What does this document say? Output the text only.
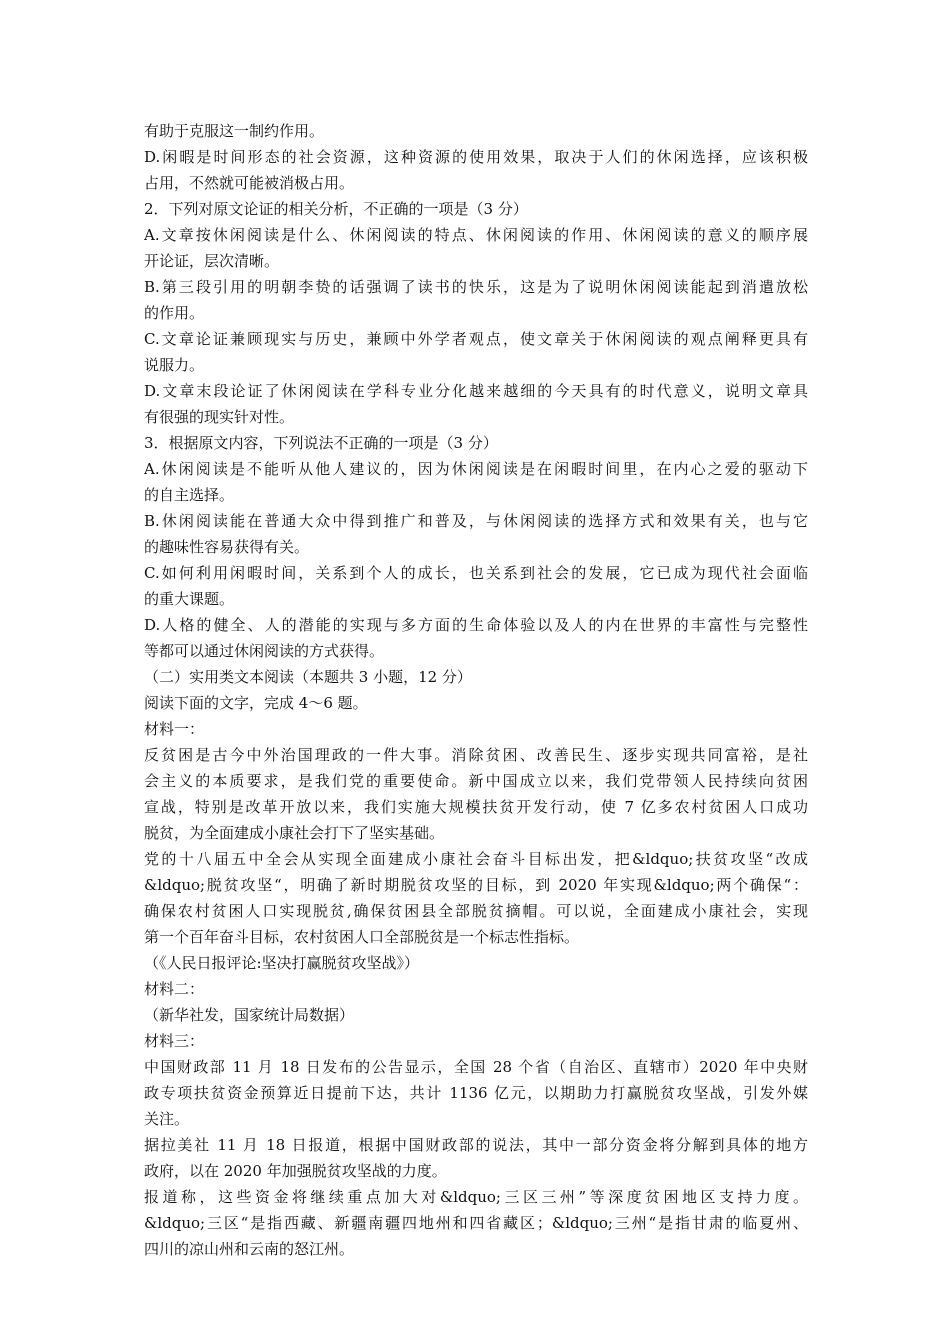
有助于克服这一制约作用。
D.闲暇是时间形态的社会资源，这种资源的使用效果，取决于人们的休闲选择，应该积极
占用，不然就可能被消极占用。
2．下列对原文论证的相关分析，不正确的一项是（3 分）
A.文章按休闲阅读是什么、休闲阅读的特点、休闲阅读的作用、休闲阅读的意义的顺序展
开论证，层次清晰。
B.第三段引用的明朝李贽的话强调了读书的快乐，这是为了说明休闲阅读能起到消遣放松
的作用。
C.文章论证兼顾现实与历史，兼顾中外学者观点，使文章关于休闲阅读的观点阐释更具有
说服力。
D.文章末段论证了休闲阅读在学科专业分化越来越细的今天具有的时代意义，说明文章具
有很强的现实针对性。
3．根据原文内容，下列说法不正确的一项是（3 分）
A.休闲阅读是不能听从他人建议的，因为休闲阅读是在闲暇时间里，在内心之爱的驱动下
的自主选择。
B.休闲阅读能在普通大众中得到推广和普及，与休闲阅读的选择方式和效果有关，也与它
的趣味性容易获得有关。
C.如何利用闲暇时间，关系到个人的成长，也关系到社会的发展，它已成为现代社会面临
的重大课题。
D.人格的健全、人的潜能的实现与多方面的生命体验以及人的内在世界的丰富性与完整性
等都可以通过休闲阅读的方式获得。
（二）实用类文本阅读（本题共 3 小题，12 分）
阅读下面的文字，完成 4～6 题。
材料一：
反贫困是古今中外治国理政的一件大事。消除贫困、改善民生、逐步实现共同富裕，是社
会主义的本质要求，是我们党的重要使命。新中国成立以来，我们党带领人民持续向贫困
宣战，特别是改革开放以来，我们实施大规模扶贫开发行动，使 7 亿多农村贫困人口成功
脱贫，为全面建成小康社会打下了坚实基础。
党的十八届五中全会从实现全面建成小康社会奋斗目标出发，把&ldquo;扶贫攻坚“改成
&ldquo;脱贫攻坚“，明确了新时期脱贫攻坚的目标，到 2020 年实现&ldquo;两个确保“：
确保农村贫困人口实现脱贫,确保贫困县全部脱贫摘帽。可以说，全面建成小康社会，实现
第一个百年奋斗目标，农村贫困人口全部脱贫是一个标志性指标。
（《人民日报评论:坚决打赢脱贫攻坚战》）
材料二：
（新华社发，国家统计局数据）
材料三：
中国财政部 11 月 18 日发布的公告显示，全国 28 个省（自治区、直辖市）2020 年中央财
政专项扶贫资金预算近日提前下达，共计 1136 亿元，以期助力打赢脱贫攻坚战，引发外媒
关注。
据拉美社 11 月 18 日报道，根据中国财政部的说法，其中一部分资金将分解到具体的地方
政府，以在 2020 年加强脱贫攻坚战的力度。
报道称，这些资金将继续重点加大对&ldquo;三区三州”等深度贫困地区支持力度。
&ldquo;三区“是指西藏、新疆南疆四地州和四省藏区；&ldquo;三州“是指甘肃的临夏州、
四川的凉山州和云南的怒江州。
